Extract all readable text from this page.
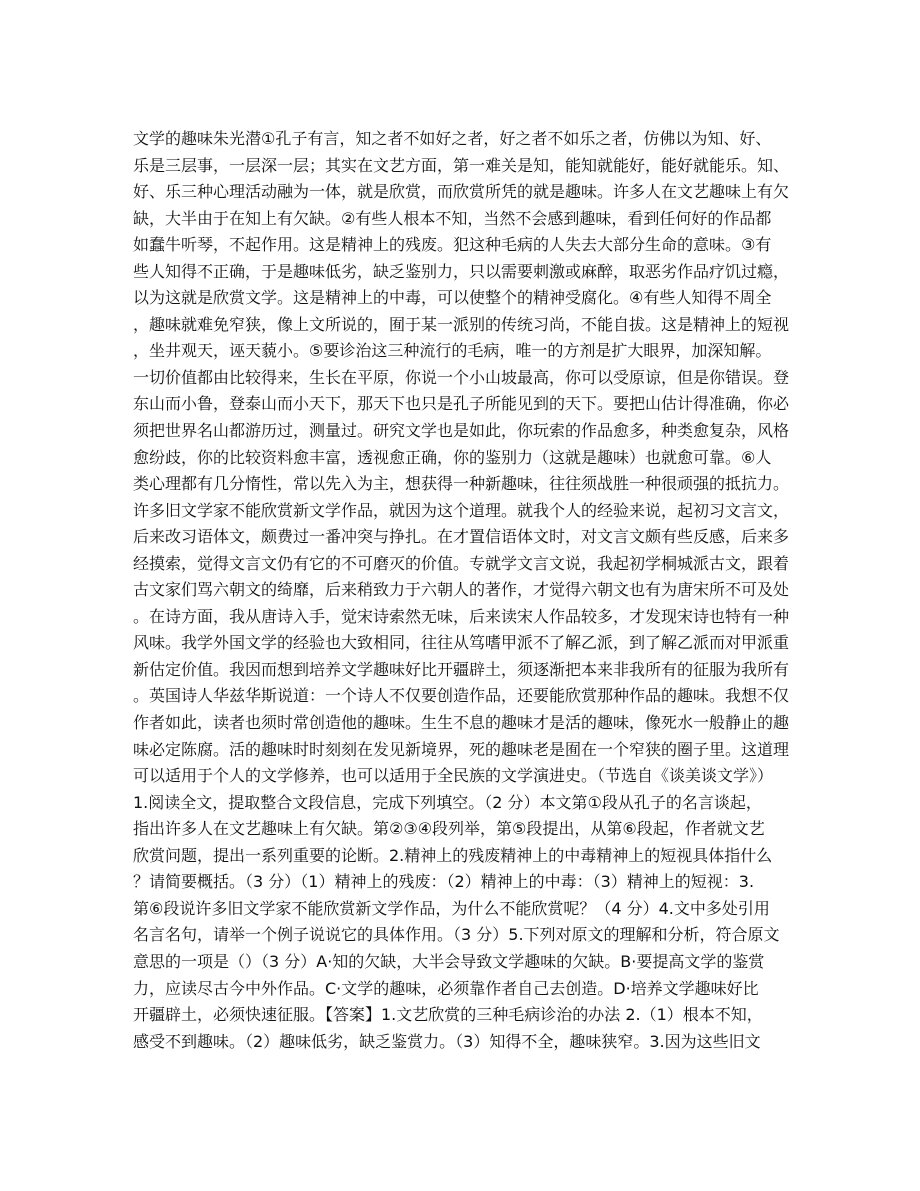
文学的趣味朱光潜①孔子有言，知之者不如好之者，好之者不如乐之者，仿佛以为知、好、
乐是三层事，一层深一层；其实在文艺方面，第一难关是知，能知就能好，能好就能乐。知、
好、乐三种心理活动融为一体，就是欣赏，而欣赏所凭的就是趣味。许多人在文艺趣味上有欠
缺，大半由于在知上有欠缺。②有些人根本不知，当然不会感到趣味，看到任何好的作品都
如蠢牛听琴，不起作用。这是精神上的残废。犯这种毛病的人失去大部分生命的意味。③有
些人知得不正确，于是趣味低劣，缺乏鉴别力，只以需要刺激或麻醉，取恶劣作品疗饥过瘾，
以为这就是欣赏文学。这是精神上的中毒，可以使整个的精神受腐化。④有些人知得不周全
，趣味就难免窄狭，像上文所说的，囿于某一派别的传统习尚，不能自拔。这是精神上的短视
，坐井观天，诬天藐小。⑤要诊治这三种流行的毛病，唯一的方剂是扩大眼界，加深知解。
一切价值都由比较得来，生长在平原，你说一个小山坡最高，你可以受原谅，但是你错误。登
东山而小鲁，登泰山而小天下，那天下也只是孔子所能见到的天下。要把山估计得准确，你必
须把世界名山都游历过，测量过。研究文学也是如此，你玩索的作品愈多，种类愈复杂，风格
愈纷歧，你的比较资料愈丰富，透视愈正确，你的鉴别力（这就是趣味）也就愈可靠。⑥人
类心理都有几分惰性，常以先入为主，想获得一种新趣味，往往须战胜一种很顽强的抵抗力。
许多旧文学家不能欣赏新文学作品，就因为这个道理。就我个人的经验来说，起初习文言文，
后来改习语体文，颇费过一番冲突与挣扎。在才置信语体文时，对文言文颇有些反感，后来多
经摸索，觉得文言文仍有它的不可磨灭的价值。专就学文言文说，我起初学桐城派古文，跟着
古文家们骂六朝文的绮靡，后来稍致力于六朝人的著作，才觉得六朝文也有为唐宋所不可及处
。在诗方面，我从唐诗入手，觉宋诗索然无味，后来读宋人作品较多，才发现宋诗也特有一种
风味。我学外国文学的经验也大致相同，往往从笃嗜甲派不了解乙派，到了解乙派而对甲派重
新估定价值。我因而想到培养文学趣味好比开疆辟土，须逐渐把本来非我所有的征服为我所有
。英国诗人华兹华斯说道：一个诗人不仅要创造作品，还要能欣赏那种作品的趣味。我想不仅
作者如此，读者也须时常创造他的趣味。生生不息的趣味才是活的趣味，像死水一般静止的趣
味必定陈腐。活的趣味时时刻刻在发见新境界，死的趣味老是囿在一个窄狭的圈子里。这道理
可以适用于个人的文学修养，也可以适用于全民族的文学演进史。（节选自《谈美谈文学》）
1.阅读全文，提取整合文段信息，完成下列填空。（2 分）本文第①段从孔子的名言谈起，
指出许多人在文艺趣味上有欠缺。第②③④段列举，第⑤段提出，从第⑥段起，作者就文艺
欣赏问题，提出一系列重要的论断。2.精神上的残废精神上的中毒精神上的短视具体指什么
？请简要概括。（3 分）（1）精神上的残废：（2）精神上的中毒：（3）精神上的短视：3.
第⑥段说许多旧文学家不能欣赏新文学作品，为什么不能欣赏呢？（4 分）4.文中多处引用
名言名句，请举一个例子说说它的具体作用。（3 分）5.下列对原文的理解和分析，符合原文
意思的一项是（）（3 分）A·知的欠缺，大半会导致文学趣味的欠缺。B·要提高文学的鉴赏
力，应读尽古今中外作品。C·文学的趣味，必须靠作者自己去创造。D·培养文学趣味好比
开疆辟土，必须快速征服。【答案】1.文艺欣赏的三种毛病诊治的办法 2.（1）根本不知，
感受不到趣味。（2）趣味低劣，缺乏鉴赏力。（3）知得不全，趣味狭窄。3.因为这些旧文
